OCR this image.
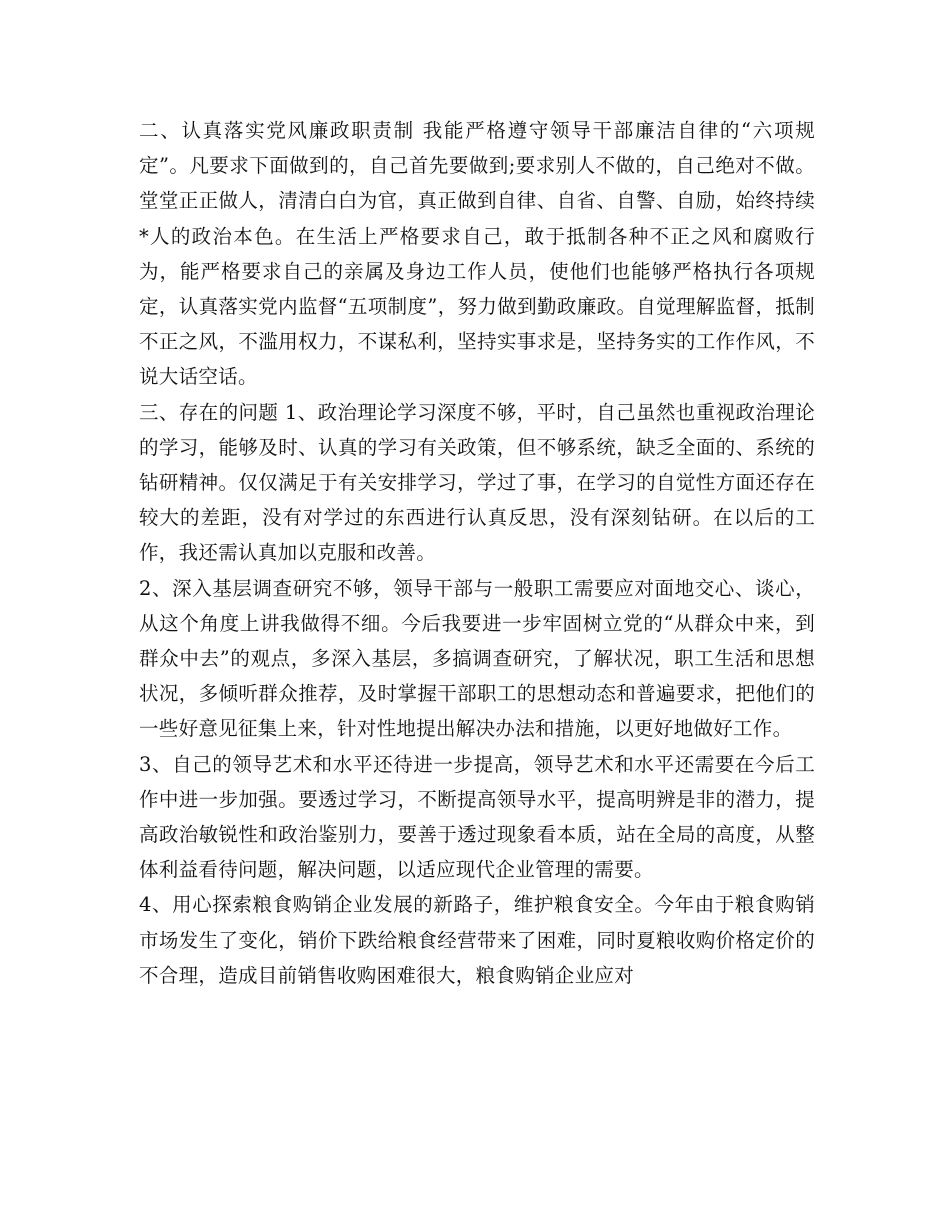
二、认真落实党风廉政职责制 我能严格遵守领导干部廉洁自律的“六项规定”。凡要求下面做到的，自己首先要做到;要求别人不做的，自己绝对不做。堂堂正正做人，清清白白为官，真正做到自律、自省、自警、自励，始终持续*人的政治本色。在生活上严格要求自己，敢于抵制各种不正之风和腐败行为，能严格要求自己的亲属及身边工作人员，使他们也能够严格执行各项规定，认真落实党内监督“五项制度”，努力做到勤政廉政。自觉理解监督，抵制不正之风，不滥用权力，不谋私利，坚持实事求是，坚持务实的工作作风，不说大话空话。

三、存在的问题 1、政治理论学习深度不够，平时，自己虽然也重视政治理论的学习，能够及时、认真的学习有关政策，但不够系统，缺乏全面的、系统的钻研精神。仅仅满足于有关安排学习，学过了事，在学习的自觉性方面还存在较大的差距，没有对学过的东西进行认真反思，没有深刻钻研。在以后的工作，我还需认真加以克服和改善。

2、深入基层调查研究不够，领导干部与一般职工需要应对面地交心、谈心，从这个角度上讲我做得不细。今后我要进一步牢固树立党的“从群众中来，到群众中去”的观点，多深入基层，多搞调查研究，了解状况，职工生活和思想状况，多倾听群众推荐，及时掌握干部职工的思想动态和普遍要求，把他们的一些好意见征集上来，针对性地提出解决办法和措施，以更好地做好工作。

3、自己的领导艺术和水平还待进一步提高，领导艺术和水平还需要在今后工作中进一步加强。要透过学习，不断提高领导水平，提高明辨是非的潜力，提高政治敏锐性和政治鉴别力，要善于透过现象看本质，站在全局的高度，从整体利益看待问题，解决问题，以适应现代企业管理的需要。

4、用心探索粮食购销企业发展的新路子，维护粮食安全。今年由于粮食购销市场发生了变化，销价下跌给粮食经营带来了困难，同时夏粮收购价格定价的不合理，造成目前销售收购困难很大，粮食购销企业应对
